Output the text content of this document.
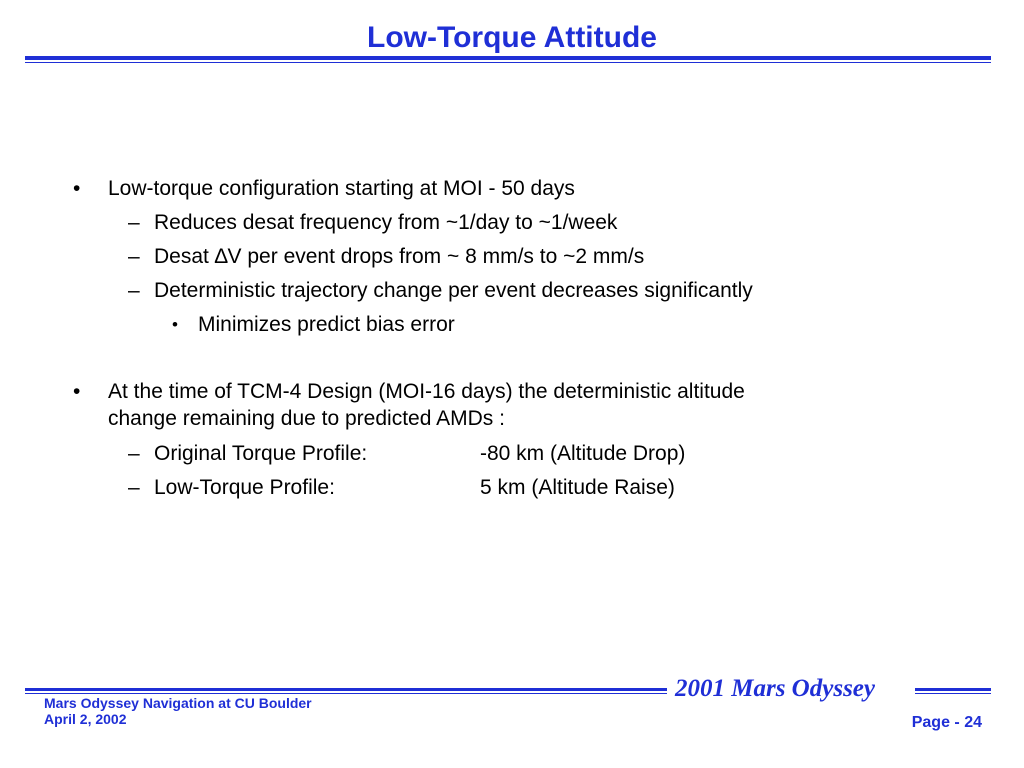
Low-Torque Attitude
• Low-torque configuration starting at MOI - 50 days
– Reduces desat frequency from ~1/day to ~1/week
– Desat ∆V per event drops from ~ 8 mm/s to ~2 mm/s
– Deterministic trajectory change per event decreases significantly
• Minimizes predict bias error
• At the time of TCM-4 Design (MOI-16 days) the deterministic altitude
change remaining due to predicted AMDs :
– Original Torque Profile:	-80 km (Altitude Drop)
– Low-Torque Profile:	5 km (Altitude Raise)
2001 Mars Odyssey
Mars Odyssey Navigation at CU Boulder
April 2, 2002	Page - 24
